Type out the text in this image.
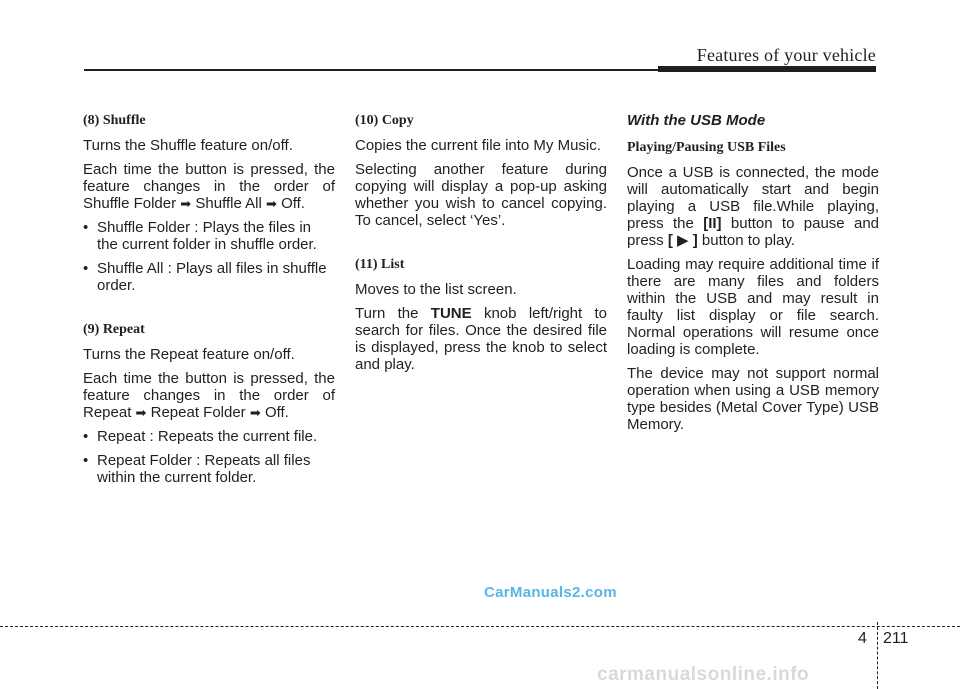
Features of your vehicle
(8) Shuffle

Turns the Shuffle feature on/off.

Each time the button is pressed, the feature changes in the order of Shuffle Folder ➡ Shuffle All ➡ Off.

• Shuffle Folder : Plays the files in the current folder in shuffle order.
• Shuffle All : Plays all files in shuffle order.
(9) Repeat

Turns the Repeat feature on/off.

Each time the button is pressed, the feature changes in the order of Repeat ➡ Repeat Folder ➡ Off.

• Repeat : Repeats the current file.
• Repeat Folder : Repeats all files within the current folder.
(10) Copy

Copies the current file into My Music.

Selecting another feature during copying will display a pop-up asking whether you wish to cancel copying. To cancel, select ‘Yes’.

(11) List

Moves to the list screen.

Turn the TUNE knob left/right to search for files. Once the desired file is displayed, press the knob to select and play.

With the USB Mode
Playing/Pausing USB Files

Once a USB is connected, the mode will automatically start and begin playing a USB file.While playing, press the [II] button to pause and press [ ▶ ] button to play.

Loading may require additional time if there are many files and folders within the USB and may result in faulty list display or file search. Normal operations will resume once loading is complete.

The device may not support normal operation when using a USB memory type besides (Metal Cover Type) USB Memory.

CarManuals2.com
4 211
carmanualsonline.info
